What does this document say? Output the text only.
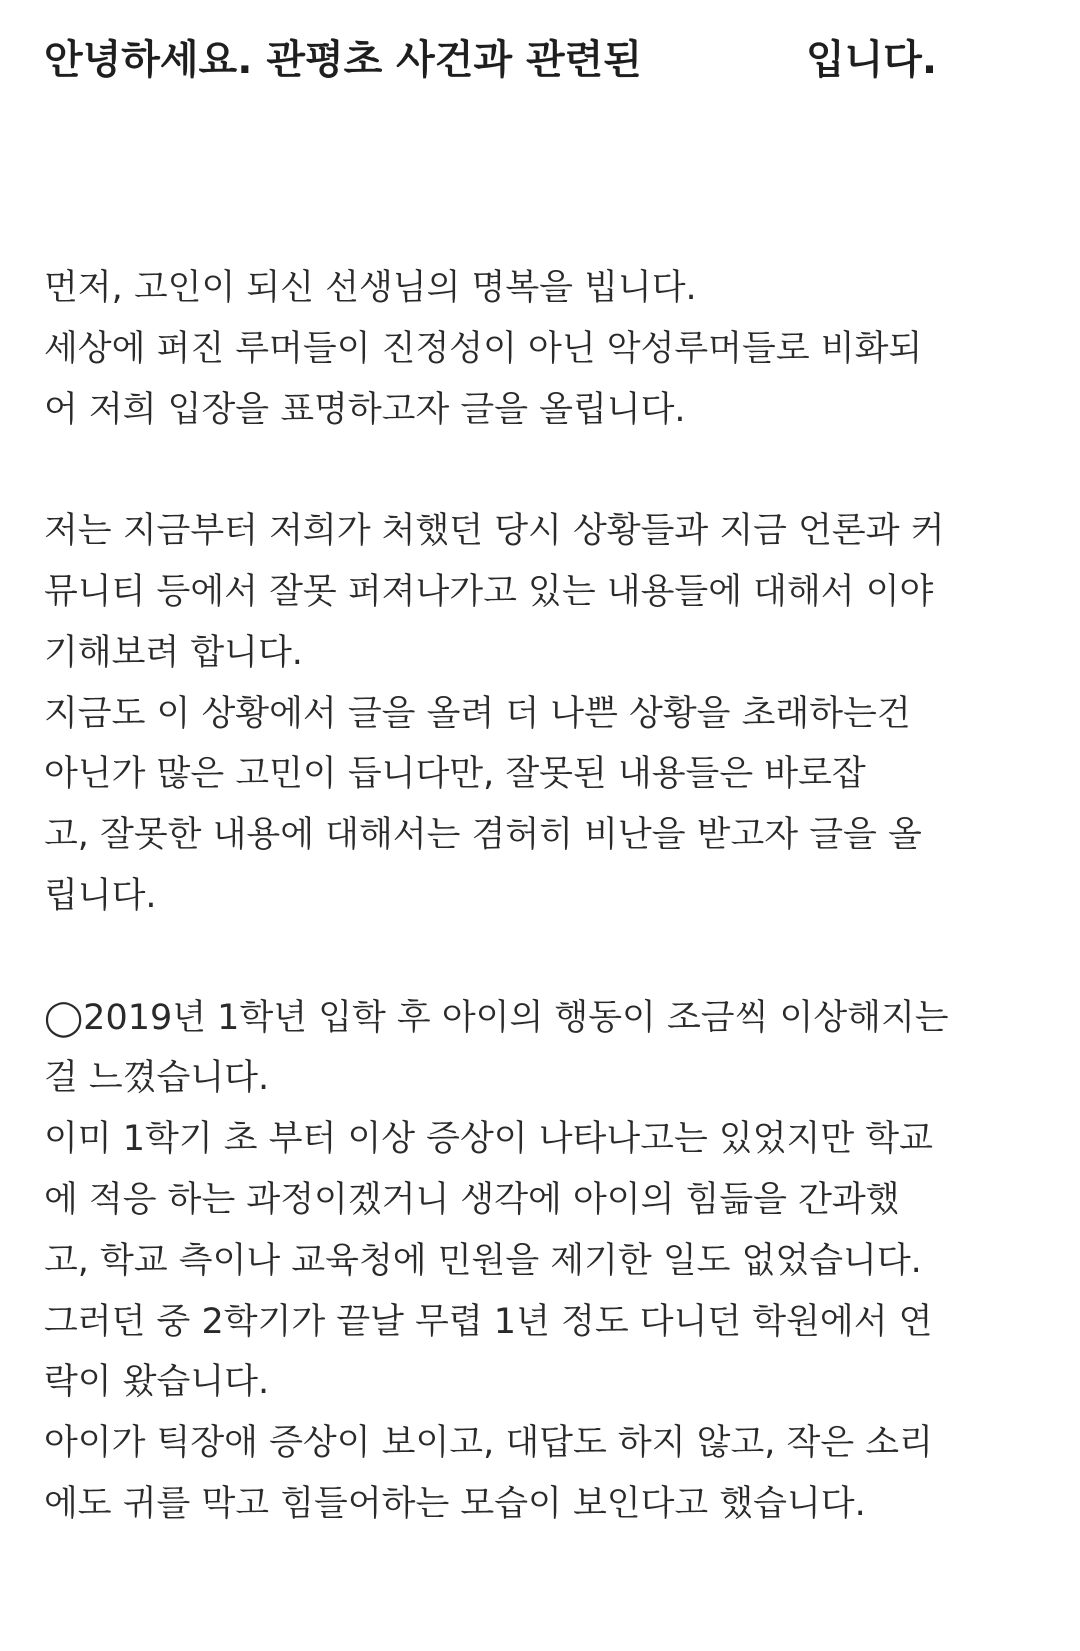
안녕하세요. 관평초 사건과 관련된	입니다.
먼저, 고인이 되신 선생님의 명복을 빕니다.
세상에 퍼진 루머들이 진정성이 아닌 악성루머들로 비화되
어 저희 입장을 표명하고자 글을 올립니다.
저는 지금부터 저희가 처했던 당시 상황들과 지금 언론과 커
뮤니티 등에서 잘못 퍼져나가고 있는 내용들에 대해서 이야
기해보려 합니다.
지금도 이 상황에서 글을 올려 더 나쁜 상황을 초래하는건
아닌가 많은 고민이 듭니다만, 잘못된 내용들은 바로잡
고, 잘못한 내용에 대해서는 겸허히 비난을 받고자 글을 올
립니다.
◯2019년 1학년 입학 후 아이의 행동이 조금씩 이상해지는
걸 느꼈습니다.
이미 1학기 초 부터 이상 증상이 나타나고는 있었지만 학교
에 적응 하는 과정이겠거니 생각에 아이의 힘듦을 간과했
고, 학교 측이나 교육청에 민원을 제기한 일도 없었습니다.
그러던 중 2학기가 끝날 무렵 1년 정도 다니던 학원에서 연
락이 왔습니다.
아이가 틱장애 증상이 보이고, 대답도 하지 않고, 작은 소리
에도 귀를 막고 힘들어하는 모습이 보인다고 했습니다.
